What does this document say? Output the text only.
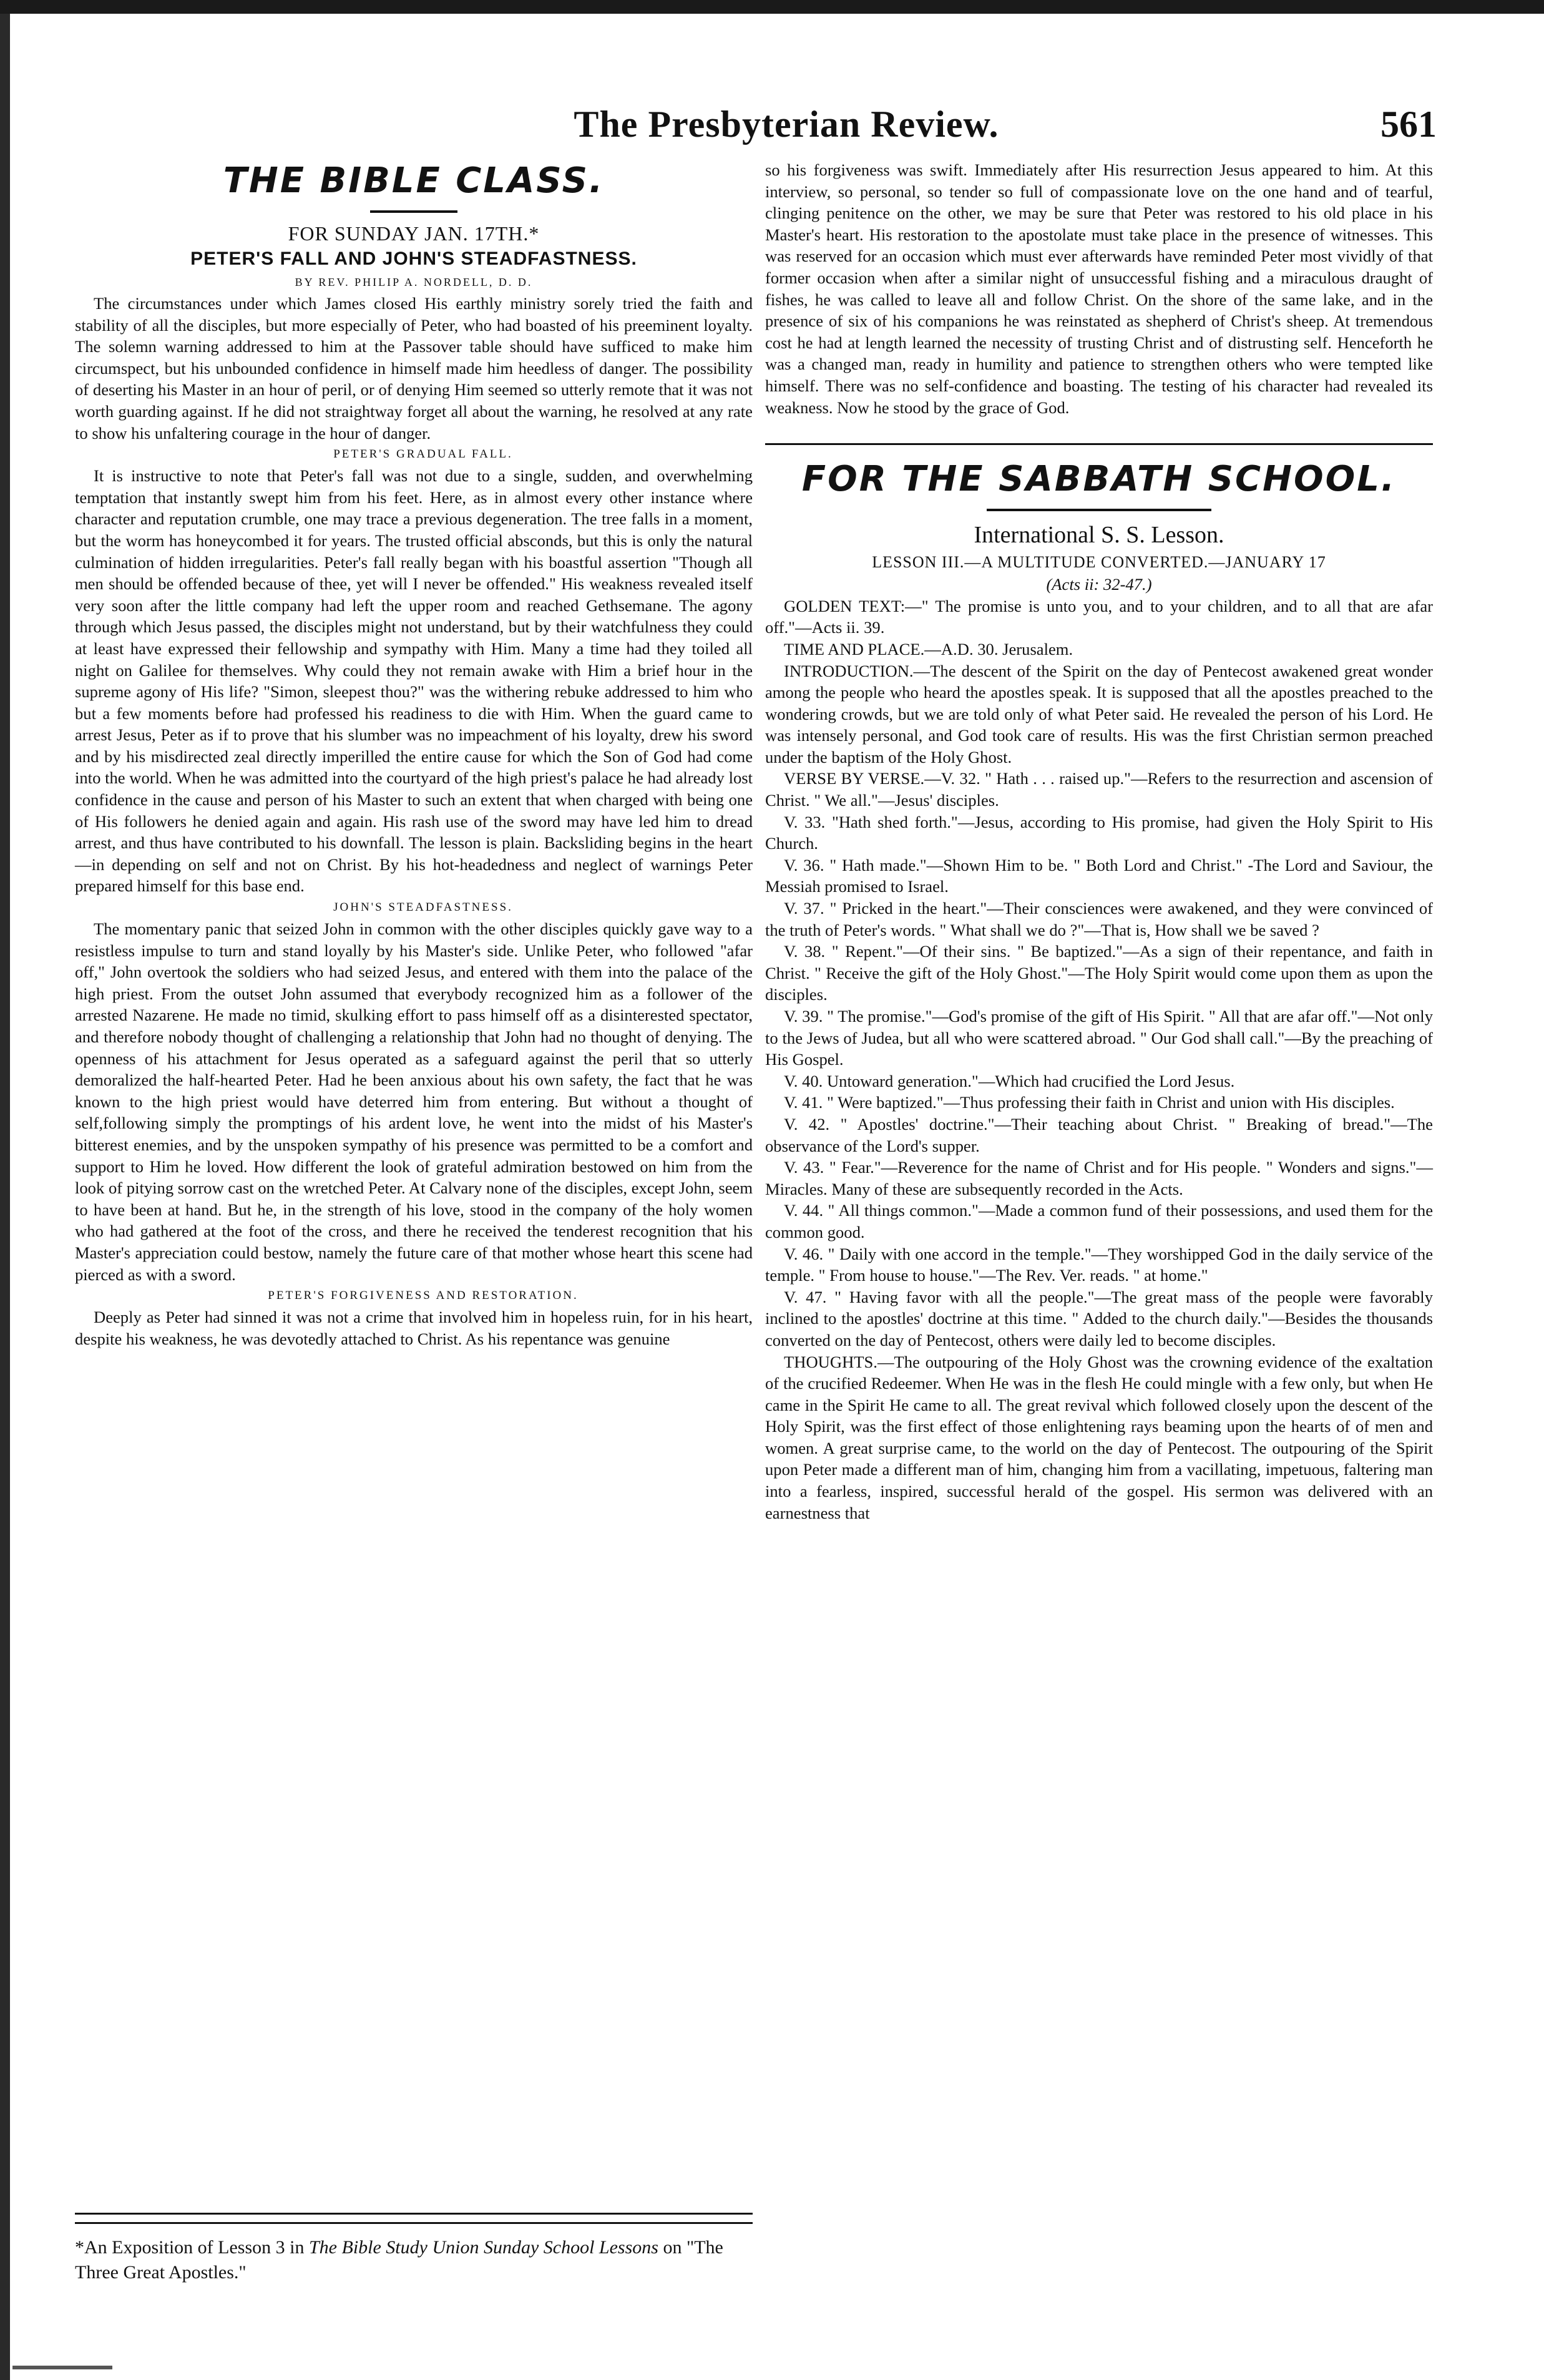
The Presbyterian Review.	561
THE BIBLE CLASS.

FOR SUNDAY JAN. 17TH.*

PETER'S FALL AND JOHN'S STEADFASTNESS.

BY REV. PHILIP A. NORDELL, D. D.

The circumstances under which James closed His earthly ministry sorely tried the faith and stability of all the disciples, but more especially of Peter, who had boasted of his preeminent loyalty. The solemn warning addressed to him at the Passover table should have sufficed to make him circumspect, but his unbounded confidence in himself made him heedless of danger. The possibility of deserting his Master in an hour of peril, or of denying Him seemed so utterly remote that it was not worth guarding against. If he did not straightway forget all about the warning, he resolved at any rate to show his unfaltering courage in the hour of danger.

PETER'S GRADUAL FALL.

It is instructive to note that Peter's fall was not due to a single, sudden, and overwhelming temptation that instantly swept him from his feet. Here, as in almost every other instance where character and reputation crumble, one may trace a previous degeneration. The tree falls in a moment, but the worm has honeycombed it for years. The trusted official absconds, but this is only the natural culmination of hidden irregularities. Peter's fall really began with his boastful assertion "Though all men should be offended because of thee, yet will I never be offended." His weakness revealed itself very soon after the little company had left the upper room and reached Gethsemane. The agony through which Jesus passed, the disciples might not understand, but by their watchfulness they could at least have expressed their fellowship and sympathy with Him. Many a time had they toiled all night on Galilee for themselves. Why could they not remain awake with Him a brief hour in the supreme agony of His life? "Simon, sleepest thou?" was the withering rebuke addressed to him who but a few moments before had professed his readiness to die with Him. When the guard came to arrest Jesus, Peter as if to prove that his slumber was no impeachment of his loyalty, drew his sword and by his misdirected zeal directly imperilled the entire cause for which the Son of God had come into the world. When he was admitted into the courtyard of the high priest's palace he had already lost confidence in the cause and person of his Master to such an extent that when charged with being one of His followers he denied again and again. His rash use of the sword may have led him to dread arrest, and thus have contributed to his downfall. The lesson is plain. Backsliding begins in the heart—in depending on self and not on Christ. By his hot-headedness and neglect of warnings Peter prepared himself for this base end.

JOHN'S STEADFASTNESS.

The momentary panic that seized John in common with the other disciples quickly gave way to a resistless impulse to turn and stand loyally by his Master's side. Unlike Peter, who followed "afar off," John overtook the soldiers who had seized Jesus, and entered with them into the palace of the high priest. From the outset John assumed that everybody recognized him as a follower of the arrested Nazarene. He made no timid, skulking effort to pass himself off as a disinterested spectator, and therefore nobody thought of challenging a relationship that John had no thought of denying. The openness of his attachment for Jesus operated as a safeguard against the peril that so utterly demoralized the half-hearted Peter. Had he been anxious about his own safety, the fact that he was known to the high priest would have deterred him from entering. But without a thought of self,following simply the promptings of his ardent love, he went into the midst of his Master's bitterest enemies, and by the unspoken sympathy of his presence was permitted to be a comfort and support to Him he loved. How different the look of grateful admiration bestowed on him from the look of pitying sorrow cast on the wretched Peter. At Calvary none of the disciples, except John, seem to have been at hand. But he, in the strength of his love, stood in the company of the holy women who had gathered at the foot of the cross, and there he received the tenderest recognition that his Master's appreciation could bestow, namely the future care of that mother whose heart this scene had pierced as with a sword.

PETER'S FORGIVENESS AND RESTORATION.

Deeply as Peter had sinned it was not a crime that involved him in hopeless ruin, for in his heart, despite his weakness, he was devotedly attached to Christ. As his repentance was genuine

so his forgiveness was swift. Immediately after His resurrection Jesus appeared to him. At this interview, so personal, so tender so full of compassionate love on the one hand and of tearful, clinging penitence on the other, we may be sure that Peter was restored to his old place in his Master's heart. His restoration to the apostolate must take place in the presence of witnesses. This was reserved for an occasion which must ever afterwards have reminded Peter most vividly of that former occasion when after a similar night of unsuccessful fishing and a miraculous draught of fishes, he was called to leave all and follow Christ. On the shore of the same lake, and in the presence of six of his companions he was reinstated as shepherd of Christ's sheep. At tremendous cost he had at length learned the necessity of trusting Christ and of distrusting self. Henceforth he was a changed man, ready in humility and patience to strengthen others who were tempted like himself. There was no self-confidence and boasting. The testing of his character had revealed its weakness. Now he stood by the grace of God.

FOR THE SABBATH SCHOOL.
International S. S. Lesson.
LESSON III.—A MULTITUDE CONVERTED.—JANUARY 17
(Acts ii: 32-47.)

GOLDEN TEXT:—" The promise is unto you, and to your children, and to all that are afar off."—Acts ii. 39.

TIME AND PLACE.—A.D. 30. Jerusalem.

INTRODUCTION.—The descent of the Spirit on the day of Pentecost awakened great wonder among the people who heard the apostles speak. It is supposed that all the apostles preached to the wondering crowds, but we are told only of what Peter said. He revealed the person of his Lord. He was intensely personal, and God took care of results. His was the first Christian sermon preached under the baptism of the Holy Ghost.

VERSE BY VERSE.—V. 32. " Hath . . . raised up."—Refers to the resurrection and ascension of Christ. " We all."—Jesus' disciples.

V. 33. "Hath shed forth."—Jesus, according to His promise, had given the Holy Spirit to His Church.

V. 36. " Hath made."—Shown Him to be. " Both Lord and Christ." -The Lord and Saviour, the Messiah promised to Israel.

V. 37. " Pricked in the heart."—Their consciences were awakened, and they were convinced of the truth of Peter's words. " What shall we do ?"—That is, How shall we be saved ?

V. 38. " Repent."—Of their sins. " Be baptized."—As a sign of their repentance, and faith in Christ. " Receive the gift of the Holy Ghost."—The Holy Spirit would come upon them as upon the disciples.

V. 39. " The promise."—God's promise of the gift of His Spirit. " All that are afar off."—Not only to the Jews of Judea, but all who were scattered abroad. " Our God shall call."—By the preaching of His Gospel.

V. 40. Untoward generation."—Which had crucified the Lord Jesus.

V. 41. " Were baptized."—Thus professing their faith in Christ and union with His disciples.

V. 42. " Apostles' doctrine."—Their teaching about Christ. " Breaking of bread."—The observance of the Lord's supper.

V. 43. " Fear."—Reverence for the name of Christ and for His people. " Wonders and signs."—Miracles. Many of these are subsequently recorded in the Acts.

V. 44. " All things common."—Made a common fund of their possessions, and used them for the common good.

V. 46. " Daily with one accord in the temple."—They worshipped God in the daily service of the temple. " From house to house."—The Rev. Ver. reads. " at home."

V. 47. " Having favor with all the people."—The great mass of the people were favorably inclined to the apostles' doctrine at this time. " Added to the church daily."—Besides the thousands converted on the day of Pentecost, others were daily led to become disciples.

THOUGHTS.—The outpouring of the Holy Ghost was the crowning evidence of the exaltation of the crucified Redeemer. When He was in the flesh He could mingle with a few only, but when He came in the Spirit He came to all. The great revival which followed closely upon the descent of the Holy Spirit, was the first effect of those enlightening rays beaming upon the hearts of of men and women. A great surprise came, to the world on the day of Pentecost. The outpouring of the Spirit upon Peter made a different man of him, changing him from a vacillating, impetuous, faltering man into a fearless, inspired, successful herald of the gospel. His sermon was delivered with an earnestness that

*An Exposition of Lesson 3 in The Bible Study Union Sunday School Lessons on "The Three Great Apostles."
